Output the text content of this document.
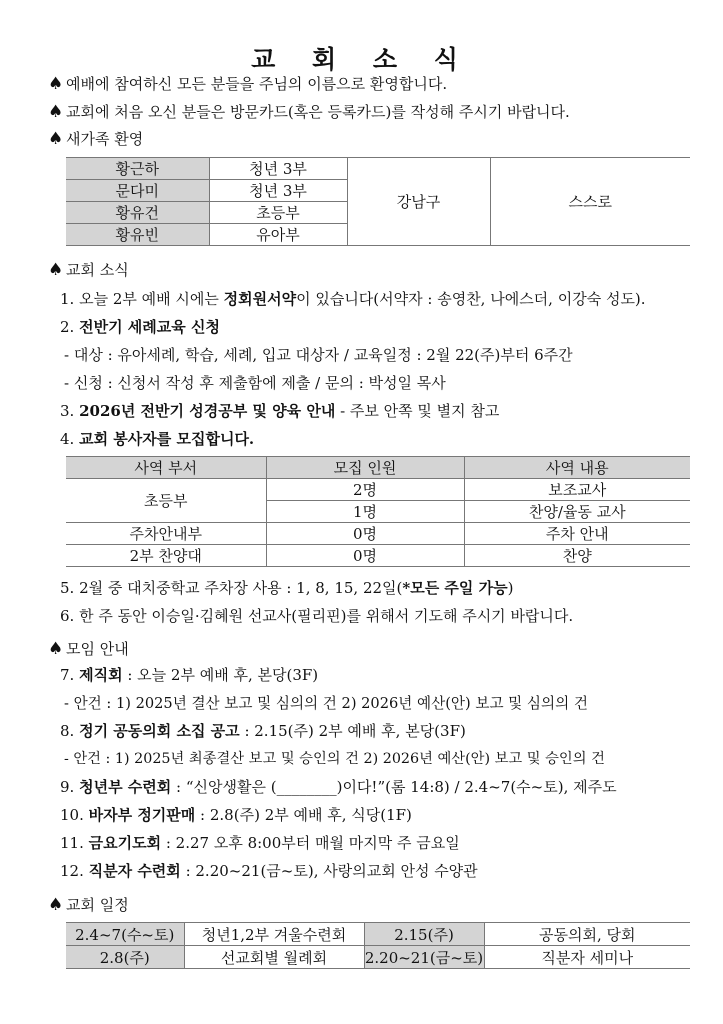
교 회 소 식
♠ 예배에 참여하신 모든 분들을 주님의 이름으로 환영합니다.
♠ 교회에 처음 오신 분들은 방문카드(혹은 등록카드)를 작성해 주시기 바랍니다.
♠ 새가족 환영
황근하	청년 3부	강남구	스스로
문다미	청년 3부		
황유건	초등부		
황유빈	유아부		
♠ 교회 소식
1. 오늘 2부 예배 시에는 정회원서약이 있습니다(서약자 : 송영찬, 나에스더, 이강숙 성도).
2. 전반기 세례교육 신청
- 대상 : 유아세례, 학습, 세례, 입교 대상자 / 교육일정 : 2월 22(주)부터 6주간
- 신청 : 신청서 작성 후 제출함에 제출 / 문의 : 박성일 목사
3. 2026년 전반기 성경공부 및 양육 안내 - 주보 안쪽 및 별지 참고
4. 교회 봉사자를 모집합니다.
사역 부서	모집 인원	사역 내용
초등부	2명	보조교사
	1명	찬양/율동 교사
주차안내부	0명	주차 안내
2부 찬양대	0명	찬양
5. 2월 중 대치중학교 주차장 사용 : 1, 8, 15, 22일(*모든 주일 가능)
6. 한 주 동안 이승일·김혜원 선교사(필리핀)를 위해서 기도해 주시기 바랍니다.
♠ 모임 안내
7. 제직회 : 오늘 2부 예배 후, 본당(3F)
- 안건 : 1) 2025년 결산 보고 및 심의의 건 2) 2026년 예산(안) 보고 및 심의의 건
8. 정기 공동의회 소집 공고 : 2.15(주) 2부 예배 후, 본당(3F)
- 안건 : 1) 2025년 최종결산 보고 및 승인의 건 2) 2026년 예산(안) 보고 및 승인의 건
9. 청년부 수련회 : “신앙생활은 (________)이다!”(롬 14:8) / 2.4~7(수~토), 제주도
10. 바자부 정기판매 : 2.8(주) 2부 예배 후, 식당(1F)
11. 금요기도회 : 2.27 오후 8:00부터 매월 마지막 주 금요일
12. 직분자 수련회 : 2.20~21(금~토), 사랑의교회 안성 수양관
♠ 교회 일정
2.4~7(수~토)	청년1,2부 겨울수련회	2.15(주)	공동의회, 당회
2.8(주)	선교회별 월례회	2.20~21(금~토)	직분자 세미나
